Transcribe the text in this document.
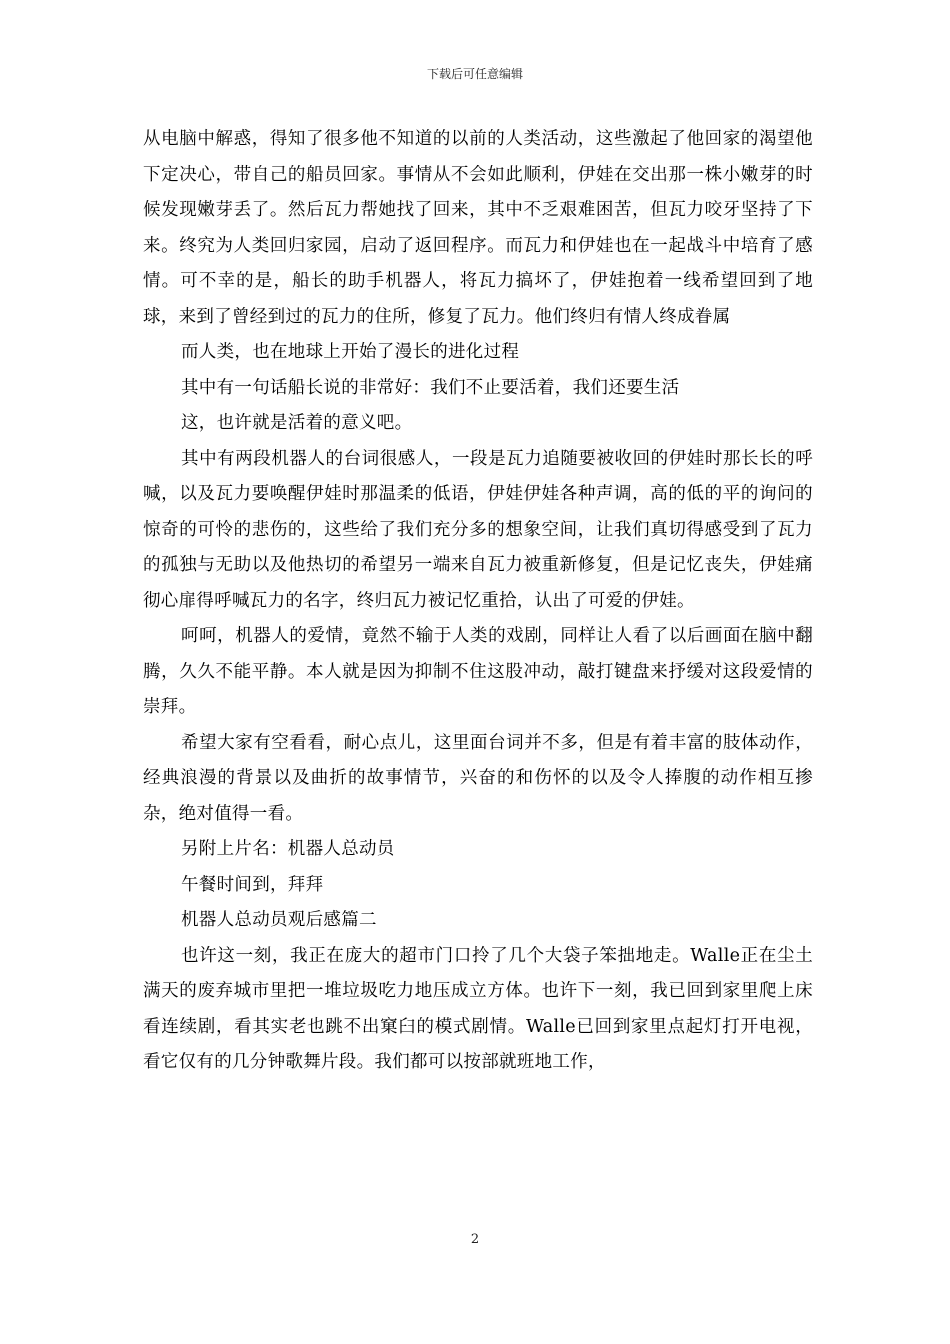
下载后可任意编辑

从电脑中解惑，得知了很多他不知道的以前的人类活动，这些激起了他回家的渴望他下定决心，带自己的船员回家。事情从不会如此顺利，伊娃在交出那一株小嫩芽的时候发现嫩芽丢了。然后瓦力帮她找了回来，其中不乏艰难困苦，但瓦力咬牙坚持了下来。终究为人类回归家园，启动了返回程序。而瓦力和伊娃也在一起战斗中培育了感情。可不幸的是，船长的助手机器人，将瓦力搞坏了，伊娃抱着一线希望回到了地球，来到了曾经到过的瓦力的住所，修复了瓦力。他们终归有情人终成眷属

而人类，也在地球上开始了漫长的进化过程

其中有一句话船长说的非常好：我们不止要活着，我们还要生活

这，也许就是活着的意义吧。

其中有两段机器人的台词很感人，一段是瓦力追随要被收回的伊娃时那长长的呼喊，以及瓦力要唤醒伊娃时那温柔的低语，伊娃伊娃各种声调，高的低的平的询问的惊奇的可怜的悲伤的，这些给了我们充分多的想象空间，让我们真切得感受到了瓦力的孤独与无助以及他热切的希望另一端来自瓦力被重新修复，但是记忆丧失，伊娃痛彻心扉得呼喊瓦力的名字，终归瓦力被记忆重拾，认出了可爱的伊娃。

呵呵，机器人的爱情，竟然不输于人类的戏剧，同样让人看了以后画面在脑中翻腾，久久不能平静。本人就是因为抑制不住这股冲动，敲打键盘来抒缓对这段爱情的崇拜。

希望大家有空看看，耐心点儿，这里面台词并不多，但是有着丰富的肢体动作，经典浪漫的背景以及曲折的故事情节，兴奋的和伤怀的以及令人捧腹的动作相互掺杂，绝对值得一看。

另附上片名：机器人总动员

午餐时间到，拜拜

机器人总动员观后感篇二

也许这一刻，我正在庞大的超市门口拎了几个大袋子笨拙地走。Walle正在尘土满天的废弃城市里把一堆垃圾吃力地压成立方体。也许下一刻，我已回到家里爬上床看连续剧，看其实老也跳不出窠臼的模式剧情。Walle已回到家里点起灯打开电视，看它仅有的几分钟歌舞片段。我们都可以按部就班地工作，

2
